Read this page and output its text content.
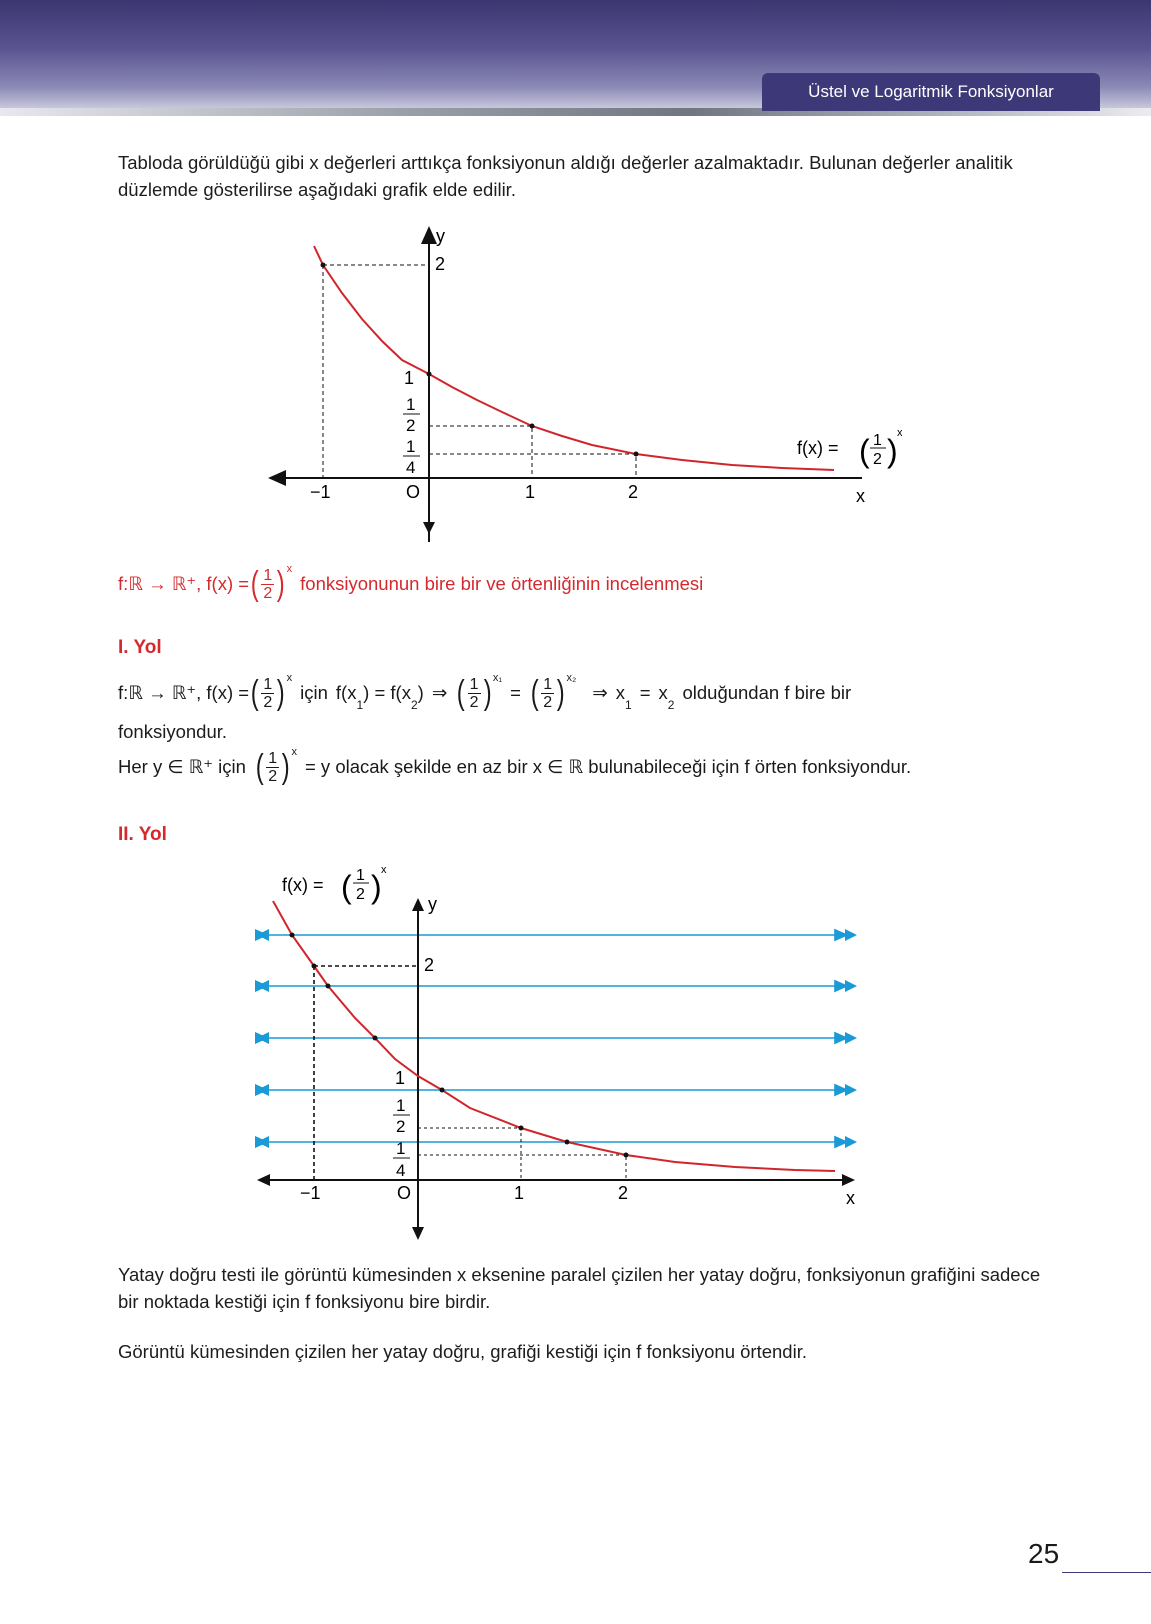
Üstel ve Logaritmik Fonksiyonlar
Tabloda görüldüğü gibi x değerleri arttıkça fonksiyonun aldığı değerler azalmaktadır. Bulunan değerler analitik düzlemde gösterilirse aşağıdaki grafik elde edilir.
y
2
1
1
2
1
4
−1	O	1	2	x
f(x) = ( 1
2 ) x
f:ℝ → ℝ⁺, f(x) = ( $\frac{1}{2}$ ) x
fonksiyonunun bire bir ve örtenliğinin incelenmesi
I. Yol
f:ℝ → ℝ⁺, f(x) = ( $\frac{1}{2}$ ) x
için f(x
1
) = f(x
2
) ⇒ ( $\frac{1}{2}$ ) x₁
= ( $\frac{1}{2}$ ) x₂
⇒ x
1
= x
2
olduğundan f bire bir
fonksiyondur.
Her y ∈ ℝ⁺ için ( $\frac{1}{2}$ ) x
= y olacak şekilde en az bir x ∈ ℝ bulunabileceği için f örten fonksiyondur.
II. Yol
f(x) = ( 1
2 ) x
y
2
1
1
2
1
4
−1	O	1	2	x
Yatay doğru testi ile görüntü kümesinden x eksenine paralel çizilen her yatay doğru, fonksiyonun grafiğini sadece bir noktada kestiği için f fonksiyonu bire birdir.
Görüntü kümesinden çizilen her yatay doğru, grafiği kestiği için f fonksiyonu örtendir.
25
